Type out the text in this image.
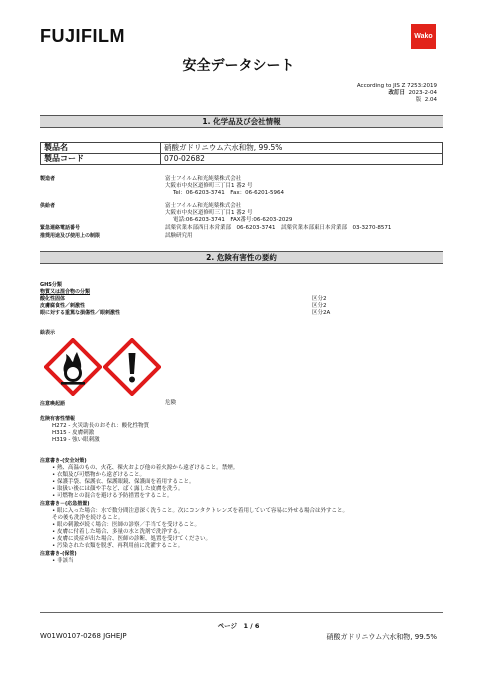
FUJIFILM	Wako
安全データシート
According to JIS Z 7253:2019
改訂日 2023-2-04
版 2.04
1. 化学品及び会社情報
製品名	硝酸ガドリニウム六水和物, 99.5%
製品コード	070-02682
製造者	富士フイルム和光純薬株式会社
大阪市中央区道修町三丁目1 番2 号
Tel：06-6203-3741　Fax：06-6201-5964
供給者	富士フイルム和光純薬株式会社
大阪市中央区道修町三丁目1 番2 号
電話:06-6203-3741　FAX番号:06-6203-2029
緊急連絡電話番号	試薬営業本部西日本営業部　06-6203-3741　試薬営業本部東日本営業部　03-3270-8571
推奨用途及び使用上の制限	試験研究用
2. 危険有害性の要約
GHS分類
物質又は混合物の分類
酸化性固体	区分2
皮膚腐食性／刺激性	区分2
眼に対する重篤な損傷性／眼刺激性	区分2A
絵表示
注意喚起語	危険
危険有害性情報
H272 - 火災助長のおそれ：酸化性物質
H315 - 皮膚刺激
H319 - 強い眼刺激
注意書き-(安全対策)
• 熱、高温のもの、火花、裸火および他の着火源から遠ざけること。禁煙。
• 衣類及び可燃物から遠ざけること。
• 保護手袋、保護衣、保護眼鏡、保護面を着用すること。
• 取扱い後には顔や手など、ばく露した皮膚を洗う。
• 可燃物との混合を避ける予防措置をすること。
注意書き－(応急措置)
• 眼に入った場合：水で数分間注意深く洗うこと。次にコンタクトレンズを着用していて容易に外せる場合は外すこと。
その後も洗浄を続けること。
• 眼の刺激が続く場合：医師の診察／手当てを受けること。
• 皮膚に付着した場合、多量の水と洗剤で洗浄する。
• 皮膚に炎症が出た場合、医師の診断、処置を受けてください。
• 汚染された衣類を脱ぎ、再利用前に洗濯すること。
注意書き-(保管)
• 非該当
ページ　1 / 6
W01W0107-0268 JGHEJP	硝酸ガドリニウム六水和物, 99.5%
